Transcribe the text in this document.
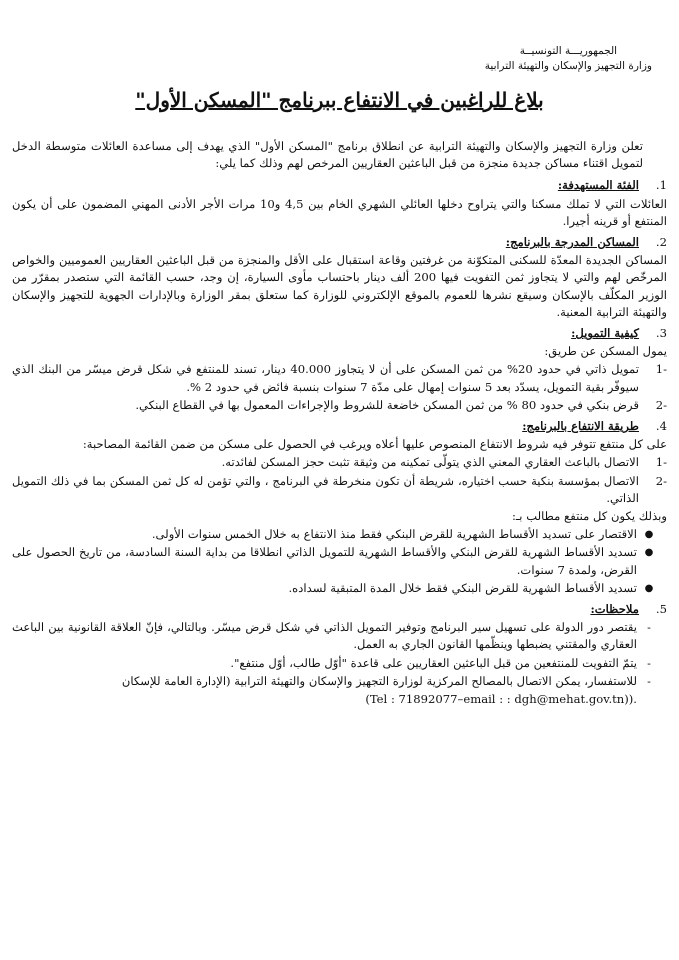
الجمهوريـــة التونسيــة
وزارة التجهيز والإسكان والتهيئة الترابية
بلاغ للراغبين في الانتفاع ببرنامج "المسكن الأول"

تعلن وزارة التجهيز والإسكان والتهيئة الترابية عن انطلاق برنامج "المسكن الأول" الذي يهدف إلى مساعدة العائلات متوسطة الدخل لتمويل اقتناء مساكن جديدة منجزة من قبل الباعثين العقاريين المرخص لهم وذلك كما يلي:

1.الفئة المستهدفة:

العائلات التي لا تملك مسكنا والتي يتراوح دخلها العائلي الشهري الخام بين 4,5 و10 مرات الأجر الأدنى المهني المضمون على أن يكون المنتفع أو قرينه أجيرا.

2.المساكن المدرجة بالبرنامج:

المساكن الجديدة المعدّة للسكنى المتكوّنة من غرفتين وقاعة استقبال على الأقل والمنجزة من قبل الباعثين العقاريين العموميين والخواص المرخّص لهم والتي لا يتجاوز ثمن التفويت فيها 200 ألف دينار باحتساب مأوى السيارة، إن وجد، حسب القائمة التي ستصدر بمقرّر من الوزير المكلّف بالإسكان وسيقع نشرها للعموم بالموقع الإلكتروني للوزارة كما ستعلق بمقر الوزارة وبالإدارات الجهوية للتجهيز والإسكان والتهيئة الترابية المعنية.

3.كيفية التمويل:

يمول المسكن عن طريق:

-1
تمويل ذاتي في حدود 20% من ثمن المسكن على أن لا يتجاوز 40.000 دينار، تسند للمنتفع في شكل قرض ميسّر من البنك الذي سيوفّر بقية التمويل، يسدّد بعد 5 سنوات إمهال على مدّة 7 سنوات بنسبة فائض في حدود 2 %.
-2
قرض بنكي في حدود 80 % من ثمن المسكن خاضعة للشروط والإجراءات المعمول بها في القطاع البنكي.
4.طريقة الانتفاع بالبرنامج:

على كل منتفع تتوفر فيه شروط الانتفاع المنصوص عليها أعلاه ويرغب في الحصول على مسكن من ضمن القائمة المصاحبة:

-1
الاتصال بالباعث العقاري المعني الذي يتولّى تمكينه من وثيقة تثبت حجز المسكن لفائدته.
-2
الاتصال بمؤسسة بنكية حسب اختياره، شريطة أن تكون منخرطة في البرنامج ، والتي تؤمن له كل ثمن المسكن بما في ذلك التمويل الذاتي.

وبذلك يكون كل منتفع مطالب بـ:

●
الاقتصار على تسديد الأقساط الشهرية للقرض البنكي فقط منذ الانتفاع به خلال الخمس سنوات الأولى.
●
تسديد الأقساط الشهرية للقرض البنكي والأقساط الشهرية للتمويل الذاتي انطلاقا من بداية السنة السادسة، من تاريخ الحصول على القرض، ولمدة 7 سنوات.
●
تسديد الأقساط الشهرية للقرض البنكي فقط خلال المدة المتبقية لسداده.
5.ملاحظات:
-
يقتصر دور الدولة على تسهيل سير البرنامج وتوفير التمويل الذاتي في شكل قرض ميسّر. وبالتالي، فإنّ العلاقة القانونية بين الباعث العقاري والمقتني يضبطها وينظّمها القانون الجاري به العمل.
-
يتمّ التفويت للمنتفعين من قبل الباعثين العقاريين على قاعدة "أوّل طالب، أوّل منتفع".
-
للاستفسار، يمكن الاتصال بالمصالح المركزية لوزارة التجهيز والإسكان والتهيئة الترابية (الإدارة العامة للإسكان
(Tel : 71892077–email : : dgh@mehat.gov.tn)).
